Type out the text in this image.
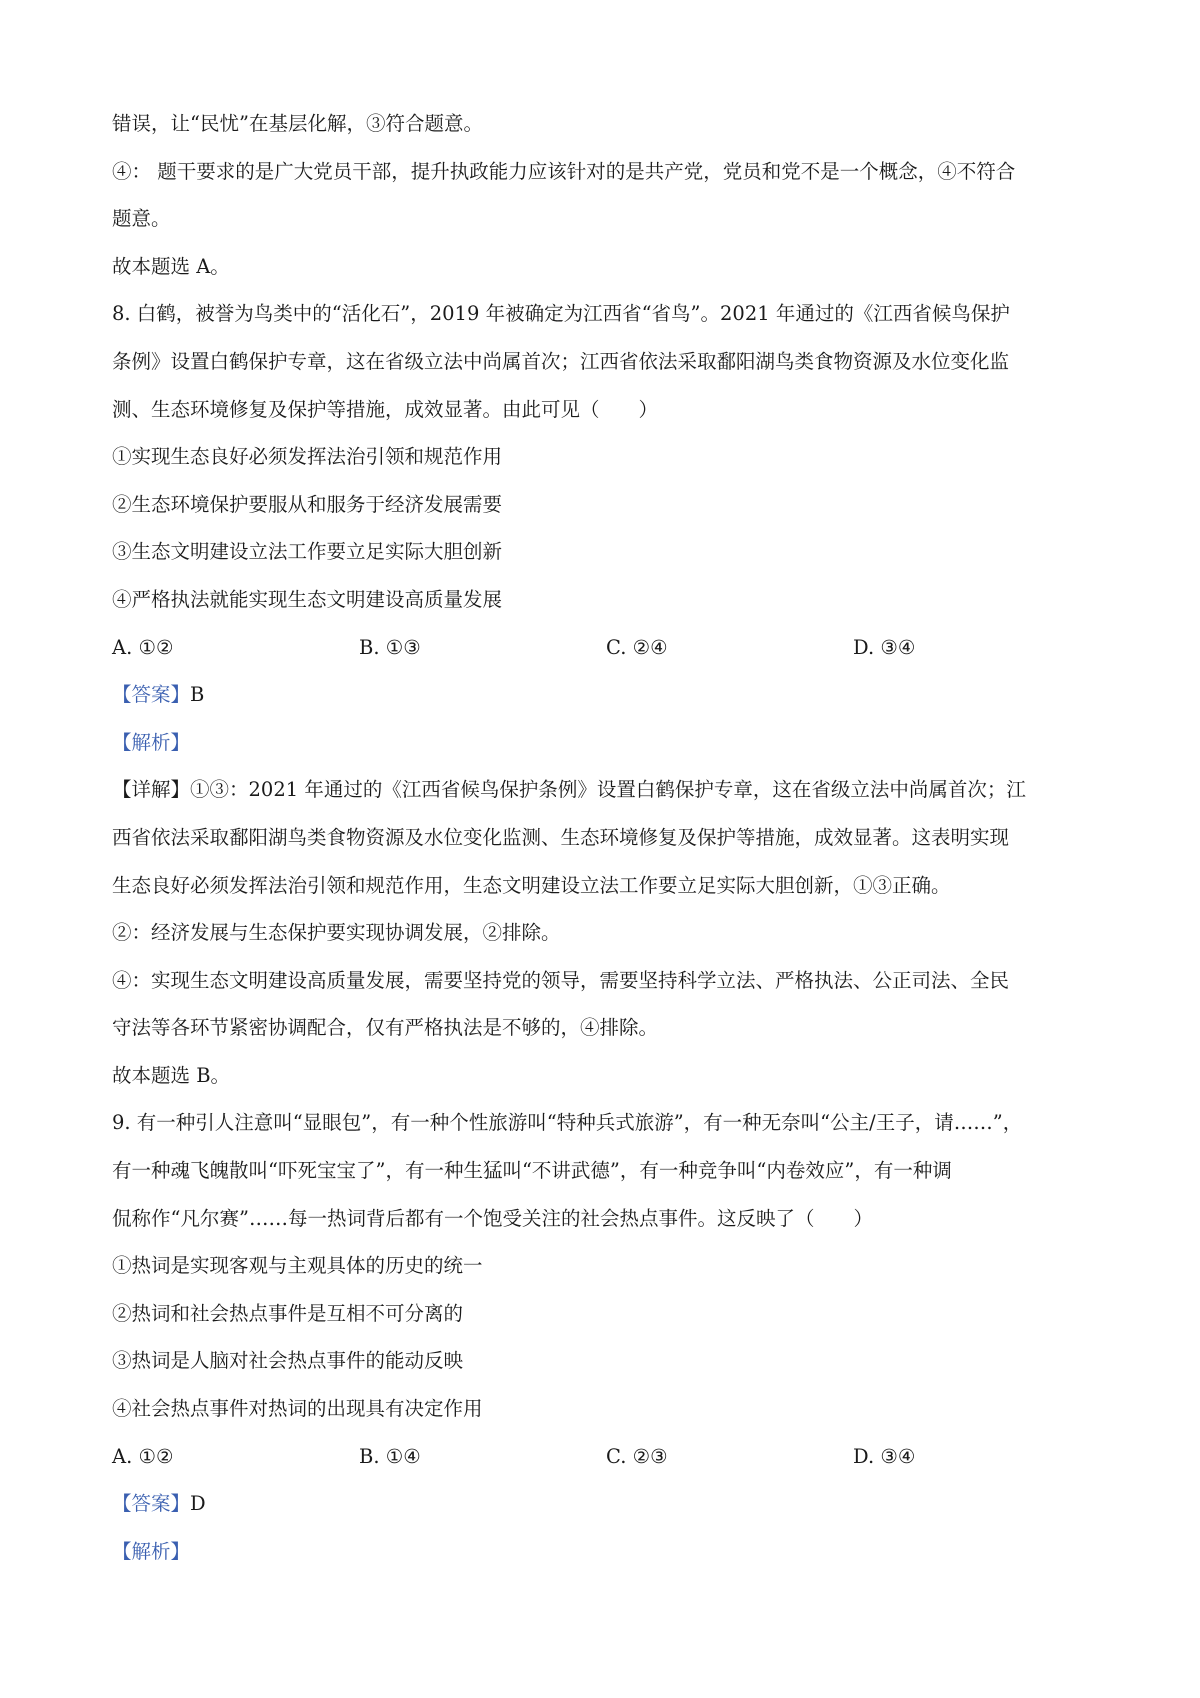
错误，让“民忧”在基层化解，③符合题意。
④： 题干要求的是广大党员干部，提升执政能力应该针对的是共产党，党员和党不是一个概念，④不符合
题意。
故本题选 A。
8. 白鹤，被誉为鸟类中的“活化石”，2019 年被确定为江西省“省鸟”。2021 年通过的《江西省候鸟保护
条例》设置白鹤保护专章，这在省级立法中尚属首次；江西省依法采取鄱阳湖鸟类食物资源及水位变化监
测、生态环境修复及保护等措施，成效显著。由此可见（　　）
①实现生态良好必须发挥法治引领和规范作用
②生态环境保护要服从和服务于经济发展需要
③生态文明建设立法工作要立足实际大胆创新
④严格执法就能实现生态文明建设高质量发展
A. ①②	B. ①③	C. ②④	D. ③④
【答案】B
【解析】
【详解】①③：2021 年通过的《江西省候鸟保护条例》设置白鹤保护专章，这在省级立法中尚属首次；江
西省依法采取鄱阳湖鸟类食物资源及水位变化监测、生态环境修复及保护等措施，成效显著。这表明实现
生态良好必须发挥法治引领和规范作用，生态文明建设立法工作要立足实际大胆创新，①③正确。
②：经济发展与生态保护要实现协调发展，②排除。
④：实现生态文明建设高质量发展，需要坚持党的领导，需要坚持科学立法、严格执法、公正司法、全民
守法等各环节紧密协调配合，仅有严格执法是不够的，④排除。
故本题选 B。
9. 有一种引人注意叫“显眼包”，有一种个性旅游叫“特种兵式旅游”，有一种无奈叫“公主/王子，请……”，
有一种魂飞魄散叫“吓死宝宝了”，有一种生猛叫“不讲武德”，有一种竞争叫“内卷效应”，有一种调
侃称作“凡尔赛”……每一热词背后都有一个饱受关注的社会热点事件。这反映了（　　）
①热词是实现客观与主观具体的历史的统一
②热词和社会热点事件是互相不可分离的
③热词是人脑对社会热点事件的能动反映
④社会热点事件对热词的出现具有决定作用
A. ①②	B. ①④	C. ②③	D. ③④
【答案】D
【解析】
